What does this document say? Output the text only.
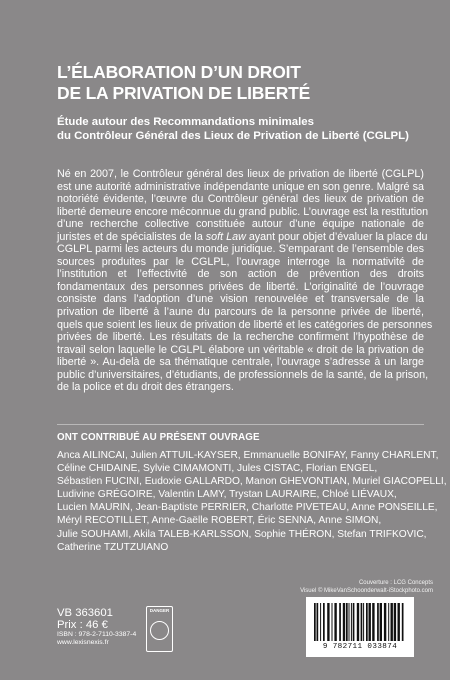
L’ÉLABORATION D’UN DROIT
DE LA PRIVATION DE LIBERTÉ
Étude autour des Recommandations minimales
du Contrôleur Général des Lieux de Privation de Liberté (CGLPL)
Né en 2007, le Contrôleur général des lieux de privation de liberté (CGLPL)
est une autorité administrative indépendante unique en son genre. Malgré sa
notoriété évidente, l’œuvre du Contrôleur général des lieux de privation de
liberté demeure encore méconnue du grand public. L’ouvrage est la restitution
d’une recherche collective constituée autour d’une équipe nationale de
juristes et de spécialistes de la soft Law ayant pour objet d’évaluer la place du
CGLPL parmi les acteurs du monde juridique. S’emparant de l’ensemble des
sources produites par le CGLPL, l’ouvrage interroge la normativité de
l’institution et l’effectivité de son action de prévention des droits
fondamentaux des personnes privées de liberté. L’originalité de l’ouvrage
consiste dans l’adoption d’une vision renouvelée et transversale de la
privation de liberté à l’aune du parcours de la personne privée de liberté,
quels que soient les lieux de privation de liberté et les catégories de personnes
privées de liberté. Les résultats de la recherche confirment l’hypothèse de
travail selon laquelle le CGLPL élabore un véritable « droit de la privation de
liberté ». Au-delà de sa thématique centrale, l’ouvrage s’adresse à un large
public d’universitaires, d’étudiants, de professionnels de la santé, de la prison,
de la police et du droit des étrangers.
ONT CONTRIBUÉ AU PRÉSENT OUVRAGE
Anca AILINCAI, Julien ATTUIL-KAYSER, Emmanuelle BONIFAY, Fanny CHARLENT,
Céline CHIDAINE, Sylvie CIMAMONTI, Jules CISTAC, Florian ENGEL,
Sébastien FUCINI, Eudoxie GALLARDO, Manon GHEVONTIAN, Muriel GIACOPELLI,
Ludivine GRÉGOIRE, Valentin LAMY, Trystan LAURAIRE, Chloé LIÉVAUX,
Lucien MAURIN, Jean-Baptiste PERRIER, Charlotte PIVETEAU, Anne PONSEILLE,
Méryl RECOTILLET, Anne-Gaëlle ROBERT, Éric SENNA, Anne SIMON,
Julie SOUHAMI, Akila TALEB-KARLSSON, Sophie THÉRON, Stefan TRIFKOVIC,
Catherine TZUTZUIANO
Couverture : LCG Concepts
Visuel © MikeVanSchoonderwalt-iStockphoto.com
VB 363601
Prix : 46 €
ISBN : 978-2-7110-3387-4
www.lexisnexis.fr
DANGER
9 782711 033874
